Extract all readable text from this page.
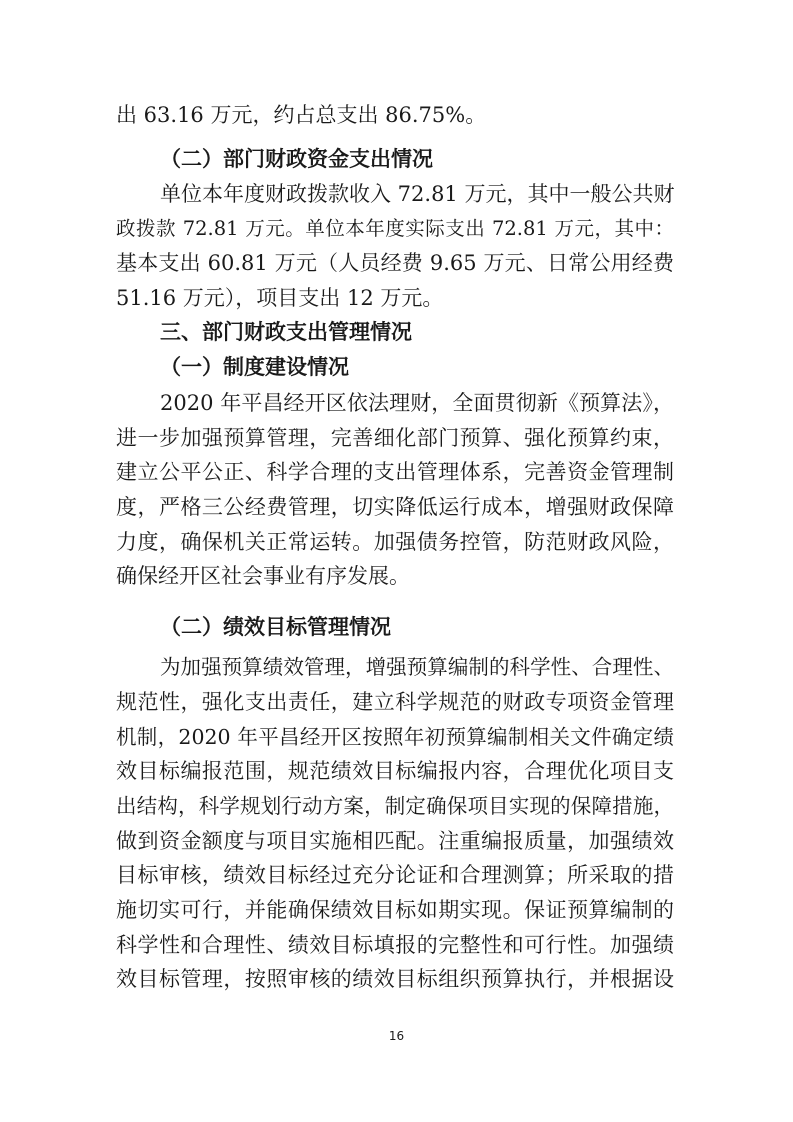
出 63.16 万元，约占总支出 86.75%。
（二）部门财政资金支出情况
单位本年度财政拨款收入 72.81 万元，其中一般公共财
政拨款 72.81 万元。单位本年度实际支出 72.81 万元，其中：
基本支出 60.81 万元（人员经费 9.65 万元、日常公用经费
51.16 万元），项目支出 12 万元。
三、部门财政支出管理情况
（一）制度建设情况
2020 年平昌经开区依法理财，全面贯彻新《预算法》，
进一步加强预算管理，完善细化部门预算、强化预算约束，
建立公平公正、科学合理的支出管理体系，完善资金管理制
度，严格三公经费管理，切实降低运行成本，增强财政保障
力度，确保机关正常运转。加强债务控管，防范财政风险，
确保经开区社会事业有序发展。
（二）绩效目标管理情况
为加强预算绩效管理，增强预算编制的科学性、合理性、
规范性，强化支出责任，建立科学规范的财政专项资金管理
机制，2020 年平昌经开区按照年初预算编制相关文件确定绩
效目标编报范围，规范绩效目标编报内容，合理优化项目支
出结构，科学规划行动方案，制定确保项目实现的保障措施，
做到资金额度与项目实施相匹配。注重编报质量，加强绩效
目标审核，绩效目标经过充分论证和合理测算；所采取的措
施切实可行，并能确保绩效目标如期实现。保证预算编制的
科学性和合理性、绩效目标填报的完整性和可行性。加强绩
效目标管理，按照审核的绩效目标组织预算执行，并根据设
16
